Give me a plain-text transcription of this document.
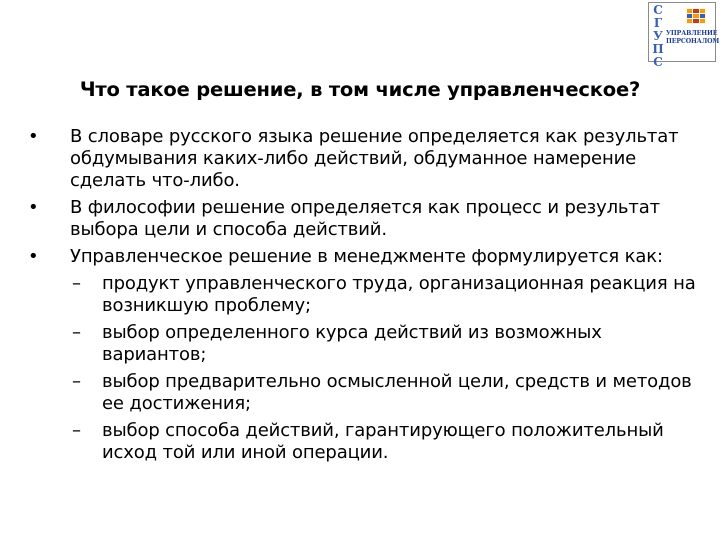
С
Г
У
П
С
УПРАВЛЕНИЕ
ПЕРСОНАЛОМ
Что такое решение, в том числе управленческое?
• В словаре русского языка решение определяется как результат обдумывания каких-либо действий, обдуманное намерение сделать что-либо.
• В философии решение определяется как процесс и результат выбора цели и способа действий.
• Управленческое решение в менеджменте формулируется как:
– продукт управленческого труда, организационная реакция на возникшую проблему;
– выбор определенного курса действий из возможных вариантов;
– выбор предварительно осмысленной цели, средств и методов ее достижения;
– выбор способа действий, гарантирующего положительный исход той или иной операции.
